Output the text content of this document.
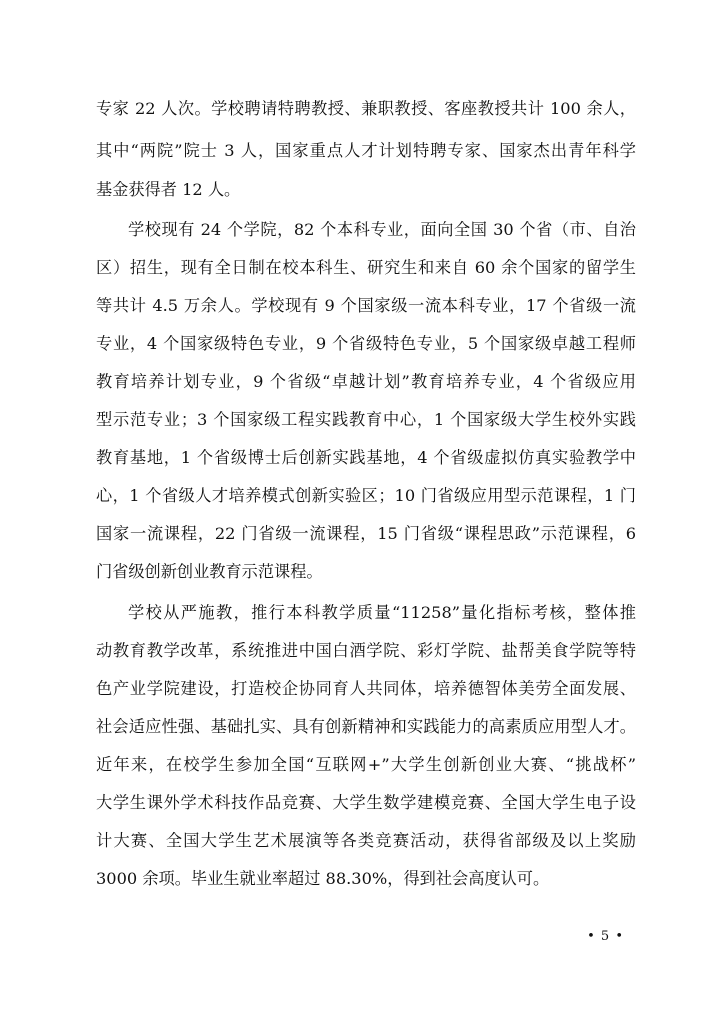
专家 22 人次。学校聘请特聘教授、兼职教授、客座教授共计 100 余人，
其中“两院”院士 3 人，国家重点人才计划特聘专家、国家杰出青年科学
基金获得者 12 人。
学校现有 24 个学院，82 个本科专业，面向全国 30 个省（市、自治
区）招生，现有全日制在校本科生、研究生和来自 60 余个国家的留学生
等共计 4.5 万余人。学校现有 9 个国家级一流本科专业，17 个省级一流
专业，4 个国家级特色专业，9 个省级特色专业，5 个国家级卓越工程师
教育培养计划专业，9 个省级“卓越计划”教育培养专业，4 个省级应用
型示范专业；3 个国家级工程实践教育中心，1 个国家级大学生校外实践
教育基地，1 个省级博士后创新实践基地，4 个省级虚拟仿真实验教学中
心，1 个省级人才培养模式创新实验区；10 门省级应用型示范课程，1 门
国家一流课程，22 门省级一流课程，15 门省级“课程思政”示范课程，6
门省级创新创业教育示范课程。
学校从严施教，推行本科教学质量“11258”量化指标考核，整体推
动教育教学改革，系统推进中国白酒学院、彩灯学院、盐帮美食学院等特
色产业学院建设，打造校企协同育人共同体，培养德智体美劳全面发展、
社会适应性强、基础扎实、具有创新精神和实践能力的高素质应用型人才。
近年来，在校学生参加全国“互联网+”大学生创新创业大赛、“挑战杯”
大学生课外学术科技作品竞赛、大学生数学建模竞赛、全国大学生电子设
计大赛、全国大学生艺术展演等各类竞赛活动，获得省部级及以上奖励
3000 余项。毕业生就业率超过 88.30%，得到社会高度认可。
• 5 •
